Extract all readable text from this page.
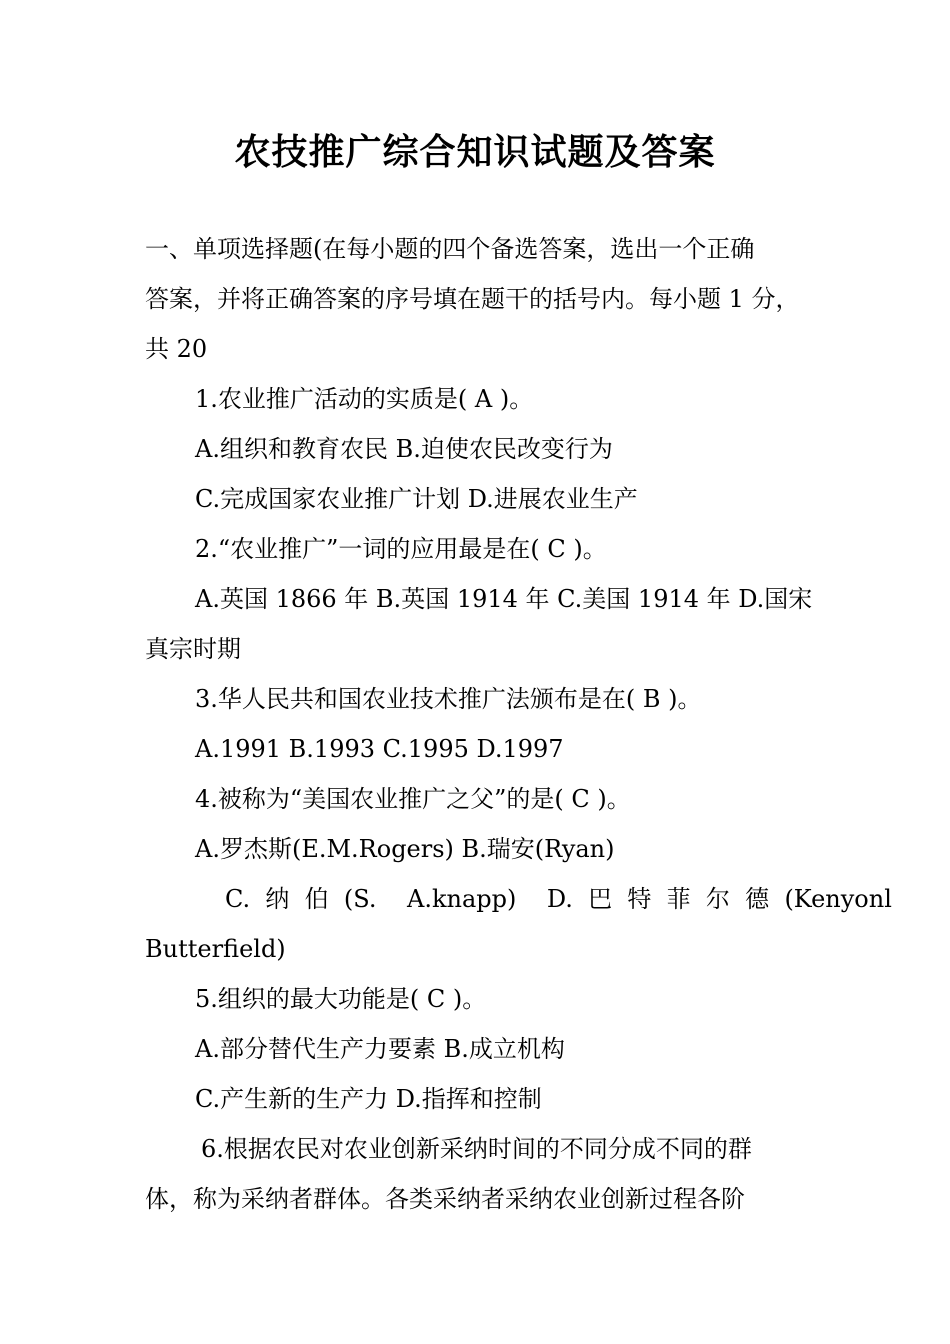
农技推广综合知识试题及答案
一、单项选择题(在每小题的四个备选答案，选出一个正确
答案，并将正确答案的序号填在题干的括号内。每小题 1 分，
共 20
1.农业推广活动的实质是( A )。
A.组织和教育农民 B.迫使农民改变行为
C.完成国家农业推广计划 D.进展农业生产
2.“农业推广”一词的应用最是在( C )。
A.英国 1866 年 B.英国 1914 年 C.美国 1914 年 D.国宋
真宗时期
3.华人民共和国农业技术推广法颁布是在( B )。
A.1991 B.1993 C.1995 D.1997
4.被称为“美国农业推广之父”的是( C )。
A.罗杰斯(E.M.Rogers) B.瑞安(Ryan)
C.  纳  伯  (S.    A.knapp)    D.  巴  特  菲  尔  德  (Kenyonl
Butterfield)
5.组织的最大功能是( C )。
A.部分替代生产力要素 B.成立机构
C.产生新的生产力 D.指挥和控制
6.根据农民对农业创新采纳时间的不同分成不同的群
体，称为采纳者群体。各类采纳者采纳农业创新过程各阶
